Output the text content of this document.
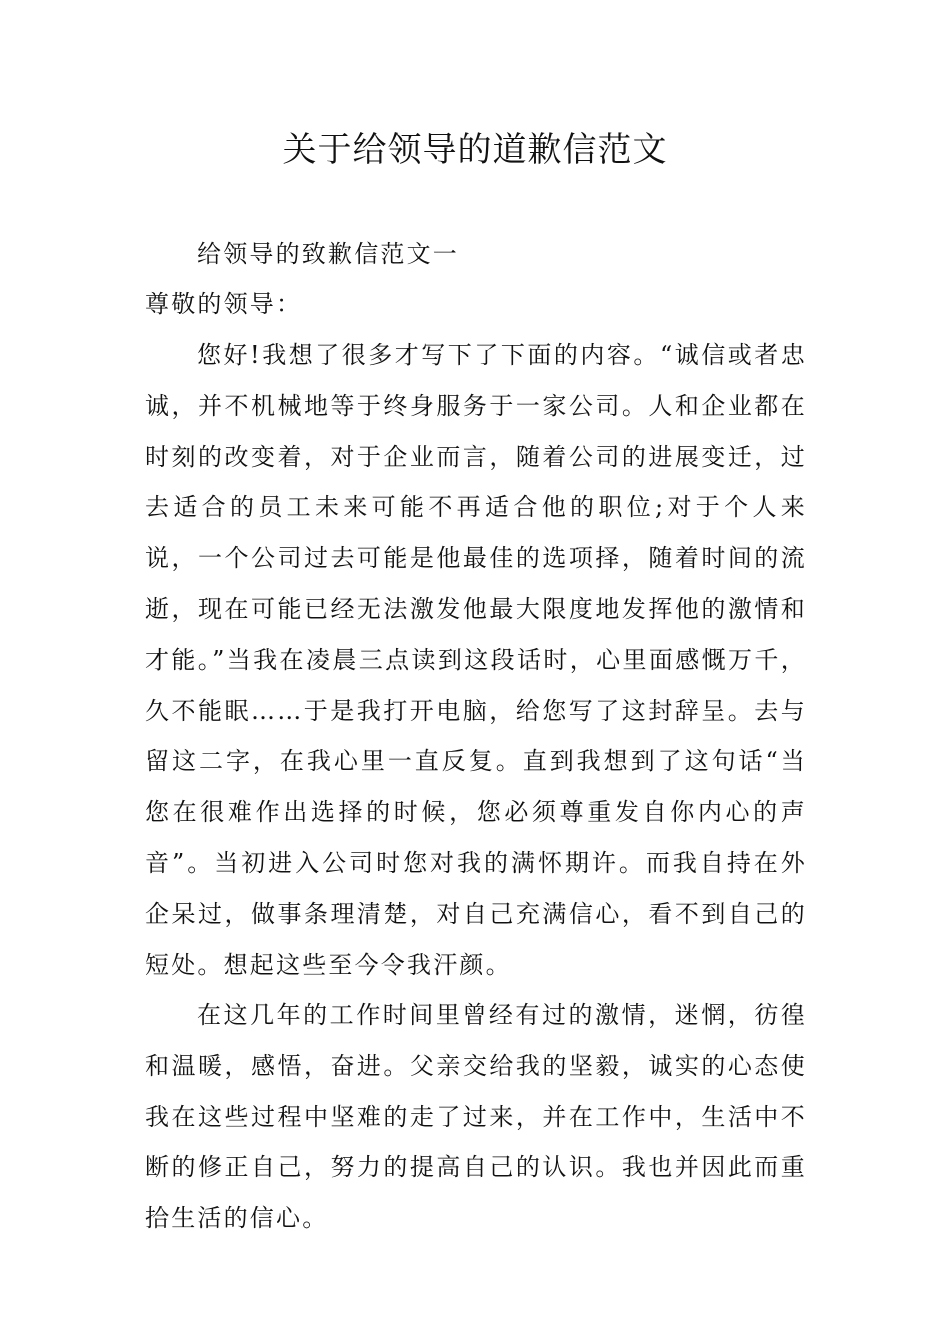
关于给领导的道歉信范文

给领导的致歉信范文一

尊敬的领导：

您好!我想了很多才写下了下面的内容。“诚信或者忠诚，并不机械地等于终身服务于一家公司。人和企业都在时刻的改变着，对于企业而言，随着公司的进展变迁，过去适合的员工未来可能不再适合他的职位;对于个人来说，一个公司过去可能是他最佳的选项择，随着时间的流逝，现在可能已经无法激发他最大限度地发挥他的激情和才能。”当我在凌晨三点读到这段话时，心里面感慨万千，久不能眠……于是我打开电脑，给您写了这封辞呈。去与留这二字，在我心里一直反复。直到我想到了这句话“当您在很难作出选择的时候，您必须尊重发自你内心的声音”。当初进入公司时您对我的满怀期许。而我自持在外企呆过，做事条理清楚，对自己充满信心，看不到自己的短处。想起这些至今令我汗颜。

在这几年的工作时间里曾经有过的激情，迷惘，彷徨和温暖，感悟，奋进。父亲交给我的坚毅，诚实的心态使我在这些过程中坚难的走了过来，并在工作中，生活中不断的修正自己，努力的提高自己的认识。我也并因此而重拾生活的信心。
